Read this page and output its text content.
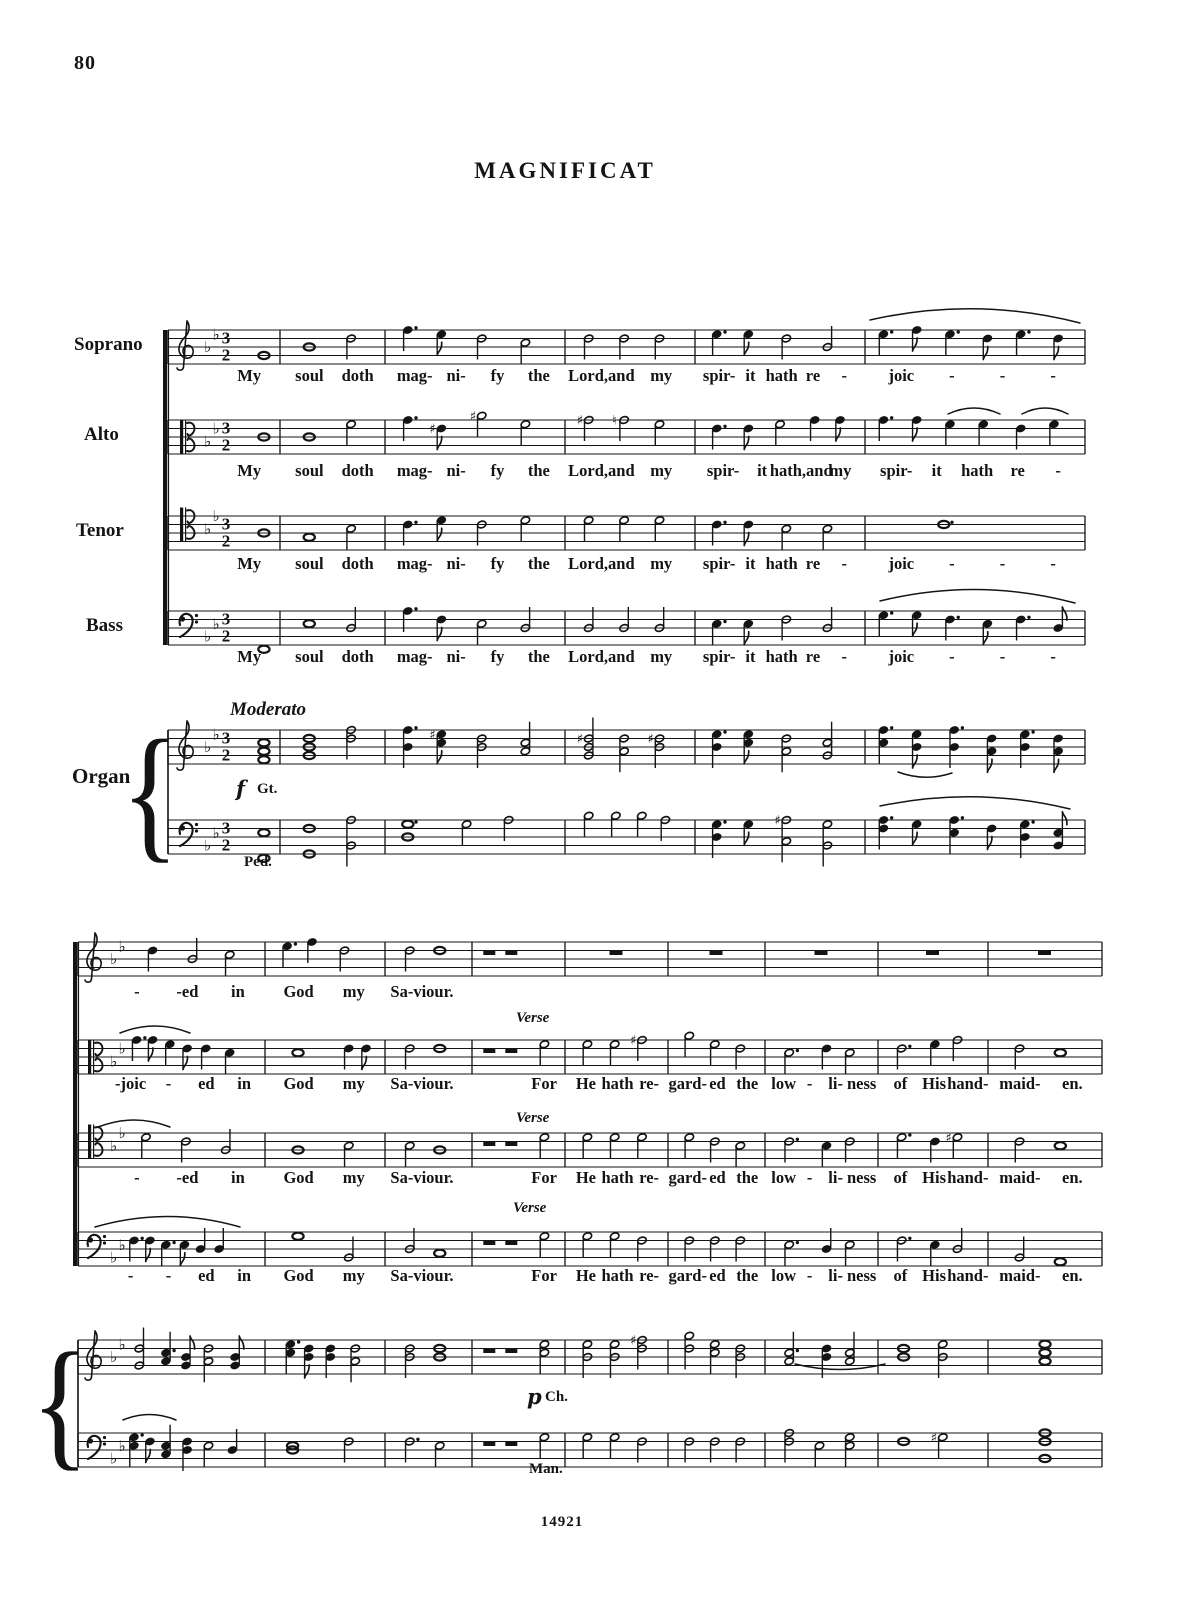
80
MAGNIFICAT
Soprano
Alto
Tenor
Bass
Organ
Moderato
f Gt.
Ped.
Verse
Verse
Verse
p Ch.
Man.
14921
♭
♭ 3
2
♭
♭ 3
2
♯
♯	♯ ♮
♭
♭ 3
2
♭
♭ 3
2
♭
♭ 3
2
♯	♯	♯
♭
♭ 3
2
♯
{
♭
♭
♭
♭	♯
♭
♭	♯
♭
♭
♭
♭	♯
♭
♭	♯
{
My soul doth mag- ni- fy the Lord,and my spir- it hath re -	joic -	-	-
My soul doth mag- ni- fy the Lord,and my spir- it hath,and
my spir- it hath re -
My soul doth mag- ni- fy the Lord,and my spir- it hath re -	joic -	-	-
My soul doth mag- ni- fy the Lord,and my spir- it hath re -	joic -	-	-
- -ed in God my Sa-viour.
-joic - ed in God my Sa-viour.	For He hath re- gard- ed the low - li- ness of His hand- maid- en.
- -ed in God my Sa-viour.	For He hath re- gard- ed the low - li- ness of His hand- maid- en.
- - ed in God my Sa-viour.	For He hath re- gard- ed the low - li- ness of His hand- maid- en.
